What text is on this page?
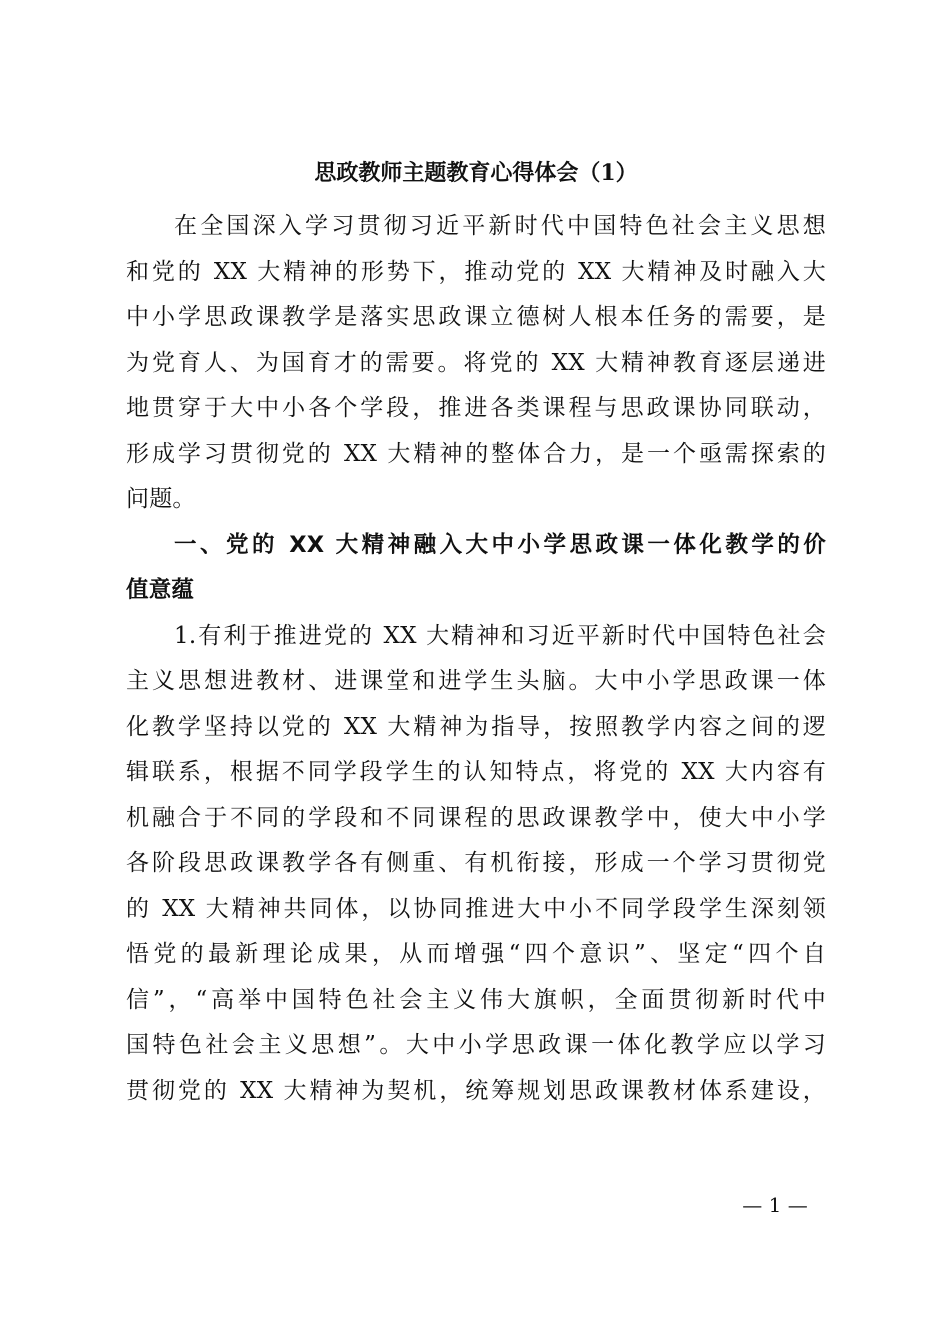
思政教师主题教育心得体会（1）
在全国深入学习贯彻习近平新时代中国特色社会主义思想
和党的 XX 大精神的形势下，推动党的 XX 大精神及时融入大
中小学思政课教学是落实思政课立德树人根本任务的需要，是
为党育人、为国育才的需要。将党的 XX 大精神教育逐层递进
地贯穿于大中小各个学段，推进各类课程与思政课协同联动，
形成学习贯彻党的 XX 大精神的整体合力，是一个亟需探索的
问题。
一、党的 XX 大精神融入大中小学思政课一体化教学的价
值意蕴
1.有利于推进党的 XX 大精神和习近平新时代中国特色社会
主义思想进教材、进课堂和进学生头脑。大中小学思政课一体
化教学坚持以党的 XX 大精神为指导，按照教学内容之间的逻
辑联系，根据不同学段学生的认知特点，将党的 XX 大内容有
机融合于不同的学段和不同课程的思政课教学中，使大中小学
各阶段思政课教学各有侧重、有机衔接，形成一个学习贯彻党
的 XX 大精神共同体，以协同推进大中小不同学段学生深刻领
悟党的最新理论成果，从而增强“四个意识”、坚定“四个自
信”，“高举中国特色社会主义伟大旗帜，全面贯彻新时代中
国特色社会主义思想”。大中小学思政课一体化教学应以学习
贯彻党的 XX 大精神为契机，统筹规划思政课教材体系建设，
— 1 —
